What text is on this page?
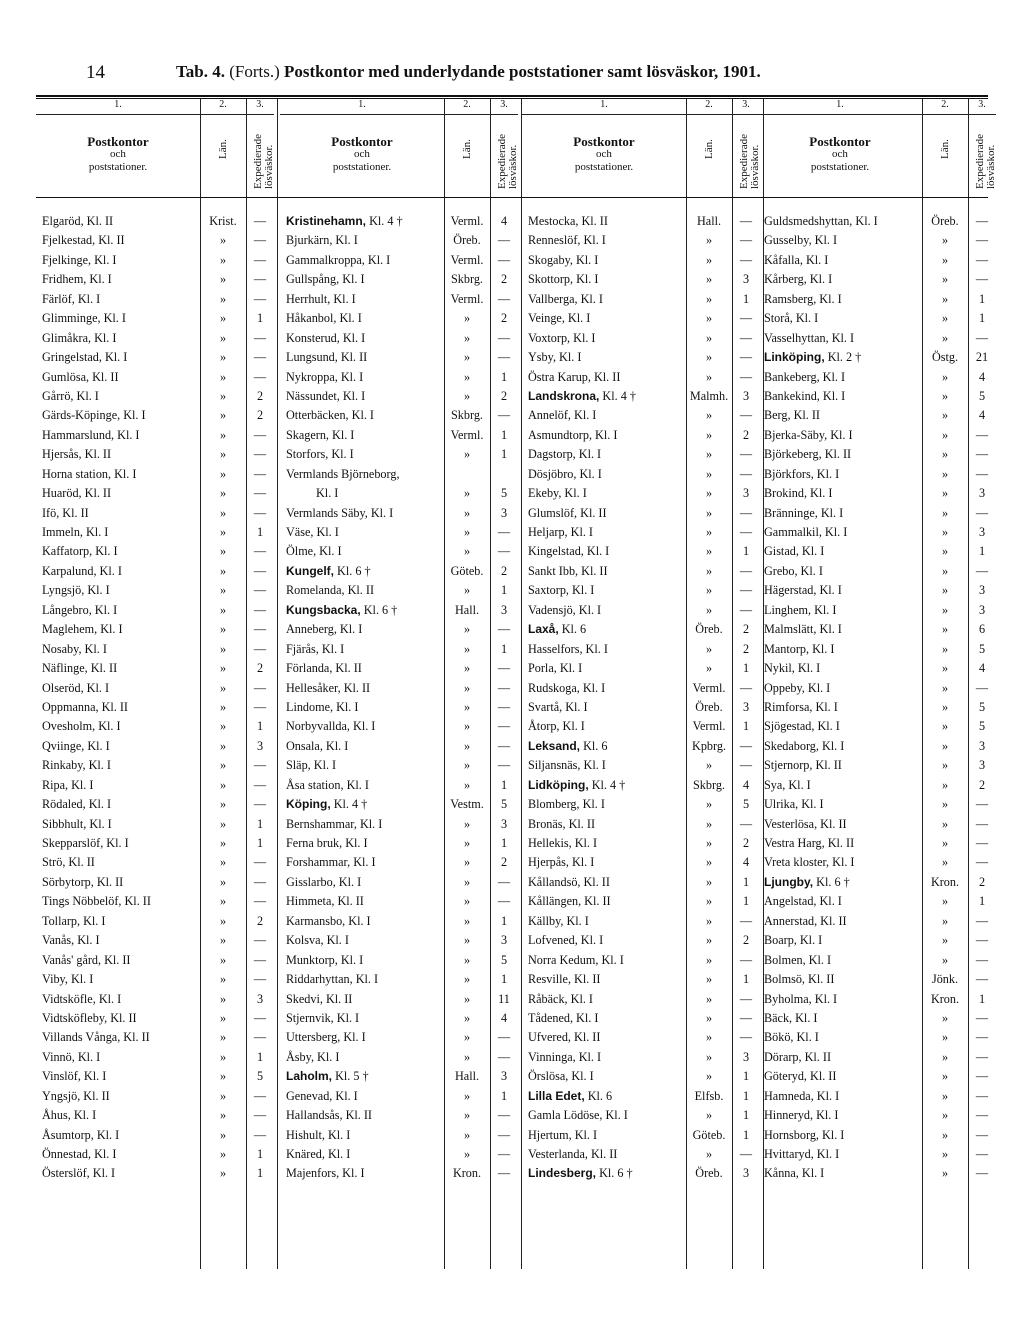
14	Tab. 4. (Forts.) Postkontor med underlydande poststationer samt lösväskor, 1901.
1.	2.	3.
Postkontor
och
poststationer.
Län. Expedierade lösväskor.
Elgaröd, Kl. II	Krist.	—
Fjelkestad, Kl. II	»	—
Fjelkinge, Kl. I	»	—
Fridhem, Kl. I	»	—
Färlöf, Kl. I	»	—
Glimminge, Kl. I	»	1
Glimåkra, Kl. I	»	—
Gringelstad, Kl. I	»	—
Gumlösa, Kl. II	»	—
Gårrö, Kl. I	»	2
Gärds-Köpinge, Kl. I	»	2
Hammarslund, Kl. I	»	—
Hjersås, Kl. II	»	—
Horna station, Kl. I	»	—
Huaröd, Kl. II	»	—
Ifö, Kl. II	»	—
Immeln, Kl. I	»	1
Kaffatorp, Kl. I	»	—
Karpalund, Kl. I	»	—
Lyngsjö, Kl. I	»	—
Långebro, Kl. I	»	—
Maglehem, Kl. I	»	—
Nosaby, Kl. I	»	—
Näflinge, Kl. II	»	2
Olseröd, Kl. I	»	—
Oppmanna, Kl. II	»	—
Ovesholm, Kl. I	»	1
Qviinge, Kl. I	»	3
Rinkaby, Kl. I	»	—
Ripa, Kl. I	»	—
Rödaled, Kl. I	»	—
Sibbhult, Kl. I	»	1
Skepparslöf, Kl. I	»	1
Strö, Kl. II	»	—
Sörbytorp, Kl. II	»	—
Tings Nöbbelöf, Kl. II	»	—
Tollarp, Kl. I	»	2
Vanås, Kl. I	»	—
Vanås' gård, Kl. II	»	—
Viby, Kl. I	»	—
Vidtsköfle, Kl. I	»	3
Vidtsköfleby, Kl. II	»	—
Villands Vånga, Kl. II	»	—
Vinnö, Kl. I	»	1
Vinslöf, Kl. I	»	5
Yngsjö, Kl. II	»	—
Åhus, Kl. I	»	—
Åsumtorp, Kl. I	»	—
Önnestad, Kl. I	»	1
Österslöf, Kl. I	»	1
1.	2.	3.
Postkontor
och
poststationer.
Län. Expedierade lösväskor.
Kristinehamn, Kl. 4 †	Verml.	4
Bjurkärn, Kl. I	Öreb.	—
Gammalkroppa, Kl. I	Verml.	—
Gullspång, Kl. I	Skbrg.	2
Herrhult, Kl. I	Verml.	—
Håkanbol, Kl. I	»	2
Konsterud, Kl. I	»	—
Lungsund, Kl. II	»	—
Nykroppa, Kl. I	»	1
Nässundet, Kl. I	»	2
Otterbäcken, Kl. I	Skbrg.	—
Skagern, Kl. I	Verml.	1
Storfors, Kl. I	»	1
Vermlands Björneborg,
Kl. I	»	5
Vermlands Säby, Kl. I	»	3
Väse, Kl. I	»	—
Ölme, Kl. I	»	—
Kungelf, Kl. 6 †	Göteb.	2
Romelanda, Kl. II	»	1
Kungsbacka, Kl. 6 †	Hall.	3
Anneberg, Kl. I	»	—
Fjärås, Kl. I	»	1
Förlanda, Kl. II	»	—
Hellesåker, Kl. II	»	—
Lindome, Kl. I	»	—
Norbyvallda, Kl. I	»	—
Onsala, Kl. I	»	—
Släp, Kl. I	»	—
Åsa station, Kl. I	»	1
Köping, Kl. 4 †	Vestm.	5
Bernshammar, Kl. I	»	3
Ferna bruk, Kl. I	»	1
Forshammar, Kl. I	»	2
Gisslarbo, Kl. I	»	—
Himmeta, Kl. II	»	—
Karmansbo, Kl. I	»	1
Kolsva, Kl. I	»	3
Munktorp, Kl. I	»	5
Riddarhyttan, Kl. I	»	1
Skedvi, Kl. II	»	11
Stjernvik, Kl. I	»	4
Uttersberg, Kl. I	»	—
Åsby, Kl. I	»	—
Laholm, Kl. 5 †	Hall.	3
Genevad, Kl. I	»	1
Hallandsås, Kl. II	»	—
Hishult, Kl. I	»	—
Knäred, Kl. I	»	—
Majenfors, Kl. I	Kron.	—
1.	2.	3.
Postkontor
och
poststationer.
Län. Expedierade lösväskor.
Mestocka, Kl. II	Hall.	—
Renneslöf, Kl. I	»	—
Skogaby, Kl. I	»	—
Skottorp, Kl. I	»	3
Vallberga, Kl. I	»	1
Veinge, Kl. I	»	—
Voxtorp, Kl. I	»	—
Ysby, Kl. I	»	—
Östra Karup, Kl. II	»	—
Landskrona, Kl. 4 †	Malmh.	3
Annelöf, Kl. I	»	—
Asmundtorp, Kl. I	»	2
Dagstorp, Kl. I	»	—
Dösjöbro, Kl. I	»	—
Ekeby, Kl. I	»	3
Glumslöf, Kl. II	»	—
Heljarp, Kl. I	»	—
Kingelstad, Kl. I	»	1
Sankt Ibb, Kl. II	»	—
Saxtorp, Kl. I	»	—
Vadensjö, Kl. I	»	—
Laxå, Kl. 6	Öreb.	2
Hasselfors, Kl. I	»	2
Porla, Kl. I	»	1
Rudskoga, Kl. I	Verml.	—
Svartå, Kl. I	Öreb.	3
Åtorp, Kl. I	Verml.	1
Leksand, Kl. 6	Kpbrg.	—
Siljansnäs, Kl. I	»	—
Lidköping, Kl. 4 †	Skbrg.	4
Blomberg, Kl. I	»	5
Bronäs, Kl. II	»	—
Hellekis, Kl. I	»	2
Hjerpås, Kl. I	»	4
Kållandsö, Kl. II	»	1
Kållängen, Kl. II	»	1
Källby, Kl. I	»	—
Lofvened, Kl. I	»	2
Norra Kedum, Kl. I	»	—
Resville, Kl. II	»	1
Råbäck, Kl. I	»	—
Tådened, Kl. I	»	—
Ufvered, Kl. II	»	—
Vinninga, Kl. I	»	3
Örslösa, Kl. I	»	1
Lilla Edet, Kl. 6	Elfsb.	1
Gamla Lödöse, Kl. I	»	1
Hjertum, Kl. I	Göteb.	1
Vesterlanda, Kl. II	»	—
Lindesberg, Kl. 6 †	Öreb.	3
1.	2.	3.
Postkontor
och
poststationer.
Län. Expedierade lösväskor.
Guldsmedshyttan, Kl. I	Öreb.	—
Gusselby, Kl. I	»	—
Kåfalla, Kl. I	»	—
Kårberg, Kl. I	»	—
Ramsberg, Kl. I	»	1
Storå, Kl. I	»	1
Vasselhyttan, Kl. I	»	—
Linköping, Kl. 2 †	Östg.	21
Bankeberg, Kl. I	»	4
Bankekind, Kl. I	»	5
Berg, Kl. II	»	4
Bjerka-Säby, Kl. I	»	—
Björkeberg, Kl. II	»	—
Björkfors, Kl. I	»	—
Brokind, Kl. I	»	3
Bränninge, Kl. I	»	—
Gammalkil, Kl. I	»	3
Gistad, Kl. I	»	1
Grebo, Kl. I	»	—
Hägerstad, Kl. I	»	3
Linghem, Kl. I	»	3
Malmslätt, Kl. I	»	6
Mantorp, Kl. I	»	5
Nykil, Kl. I	»	4
Oppeby, Kl. I	»	—
Rimforsa, Kl. I	»	5
Sjögestad, Kl. I	»	5
Skedaborg, Kl. I	»	3
Stjernorp, Kl. II	»	3
Sya, Kl. I	»	2
Ulrika, Kl. I	»	—
Vesterlösa, Kl. II	»	—
Vestra Harg, Kl. II	»	—
Vreta kloster, Kl. I	»	—
Ljungby, Kl. 6 †	Kron.	2
Angelstad, Kl. I	»	1
Annerstad, Kl. II	»	—
Boarp, Kl. I	»	—
Bolmen, Kl. I	»	—
Bolmsö, Kl. II	Jönk.	—
Byholma, Kl. I	Kron.	1
Bäck, Kl. I	»	—
Bökö, Kl. I	»	—
Dörarp, Kl. II	»	—
Göteryd, Kl. II	»	—
Hamneda, Kl. I	»	—
Hinneryd, Kl. I	»	—
Hornsborg, Kl. I	»	—
Hvittaryd, Kl. I	»	—
Kånna, Kl. I	»	—
